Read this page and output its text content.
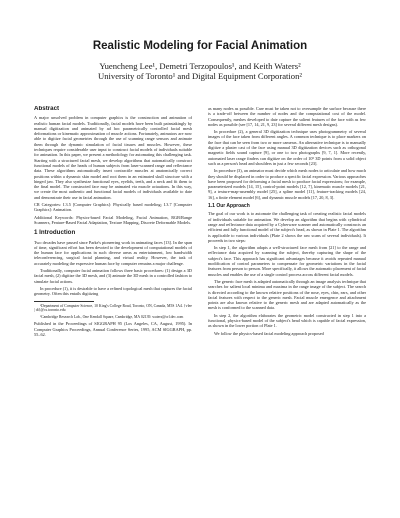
Realistic Modeling for Facial Animation
Yuencheng Lee¹, Demetri Terzopoulos¹, and Keith Waters²
University of Toronto¹ and Digital Equipment Corporation²
Abstract

A major unsolved problem in computer graphics is the construction and animation of realistic human facial models. Traditionally, facial models have been built painstakingly by manual digitization and animated by ad hoc parametrically controlled facial mesh deformations or kinematic approximation of muscle actions. Fortunately, animators are now able to digitize facial geometries through the use of scanning range sensors and animate them through the dynamic simulation of facial tissues and muscles. However, these techniques require considerable user input to construct facial models of individuals suitable for animation. In this paper, we present a methodology for automating this challenging task. Starting with a structured facial mesh, we develop algorithms that automatically construct functional models of the heads of human subjects from laser-scanned range and reflectance data. These algorithms automatically insert contractile muscles at anatomically correct positions within a dynamic skin model and root them in an estimated skull structure with a hinged jaw. They also synthesize functional eyes, eyelids, teeth, and a neck and fit them to the final model. The constructed face may be animated via muscle actuations. In this way, we create the most authentic and functional facial models of individuals available to date and demonstrate their use in facial animation.

CR Categories: I.3.5 [Computer Graphics]: Physically based modeling; I.3.7 [Computer Graphics]: Animation.

Additional Keywords: Physics-based Facial Modeling, Facial Animation, RGB/Range Scanners, Feature-Based Facial Adaptation, Texture Mapping, Discrete Deformable Models.

1 Introduction

Two decades have passed since Parke's pioneering work in animating faces [13]. In the span of time, significant effort has been devoted to the development of computational models of the human face for applications in such diverse areas as entertainment, low bandwidth teleconferencing, surgical facial planning, and virtual reality. However, the task of accurately modeling the expressive human face by computer remains a major challenge.

Traditionally, computer facial animation follows three basic procedures: (1) design a 3D facial mesh, (2) digitize the 3D mesh, and (3) animate the 3D mesh in a controlled fashion to simulate facial actions.

In procedure (1), it is desirable to have a refined topological mesh that captures the facial geometry. Often this entails digitizing

¹Department of Computer Science, 10 King's College Road, Toronto, ON, Canada, M5S 1A4. {vlee | dt}@cs.toronto.edu

²Cambridge Research Lab., One Kendall Square, Cambridge, MA 02139. waters@crl.dec.com

Published in the Proceedings of SIGGRAPH 95 (Los Angeles, CA, August, 1995). In Computer Graphics Proceedings, Annual Conference Series, 1995, ACM SIGGRAPH, pp. 55–62.

as many nodes as possible. Care must be taken not to oversample the surface because there is a trade-off between the number of nodes and the computational cost of the model. Consequently, meshes developed to date capture the salient features of the face with as few nodes as possible (see [17, 14, 21, 9, 23] for several different mesh designs).

In procedure (2), a general 3D digitization technique uses photogrammetry of several images of the face taken from different angles. A common technique is to place markers on the face that can be seen from two or more cameras. An alternative technique is to manually digitize a plaster cast of the face using manual 3D digitization devices such as orthogonal magnetic fields sound capture [9], or one to two photographs [9, 7, 1]. More recently, automated laser range finders can digitize on the order of 10⁵ 3D points from a solid object such as a person's head and shoulders in just a few seconds [23].

In procedure (3), an animator must decide which mesh nodes to articulate and how much they should be displaced in order to produce a specific facial expression. Various approaches have been proposed for deforming a facial mesh to produce facial expressions; for example, parameterized models [14, 15], control-point models [12, 7], kinematic muscle models [21, 9], a texture-map-assembly model [25], a spline model [11], feature-tracking models [24, 16], a finite element model [6], and dynamic muscle models [17, 20, 8, 3].

1.1 Our Approach

The goal of our work is to automate the challenging task of creating realistic facial models of individuals suitable for animation. We develop an algorithm that begins with cylindrical range and reflectance data acquired by a Cyberware scanner and automatically constructs an efficient and fully functional model of the subject's head, as shown in Plate 1. The algorithm is applicable to various individuals (Plate 2 shows the raw scans of several individuals). It proceeds in two steps:

In step 1, the algorithm adapts a well-structured face mesh from [21] to the range and reflectance data acquired by scanning the subject, thereby capturing the shape of the subject's face. This approach has significant advantages because it avoids repeated manual modification of control parameters to compensate for geometric variations in the facial features from person to person. More specifically, it allows the automatic placement of facial muscles and enables the use of a single control process across different facial models.

The generic face mesh is adapted automatically through an image analysis technique that searches for salient local minima and maxima in the range image of the subject. The search is directed according to the known relative positions of the nose, eyes, chin, ears, and other facial features with respect to the generic mesh. Facial muscle emergence and attachment points are also known relative to the generic mesh and are adapted automatically as the mesh is conformed to the scanned data.

In step 2, the algorithm elaborates the geometric model constructed in step 1 into a functional, physics-based model of the subject's head which is capable of facial expression, as shown in the lower portion of Plate 1.

We follow the physics-based facial modeling approach proposed
